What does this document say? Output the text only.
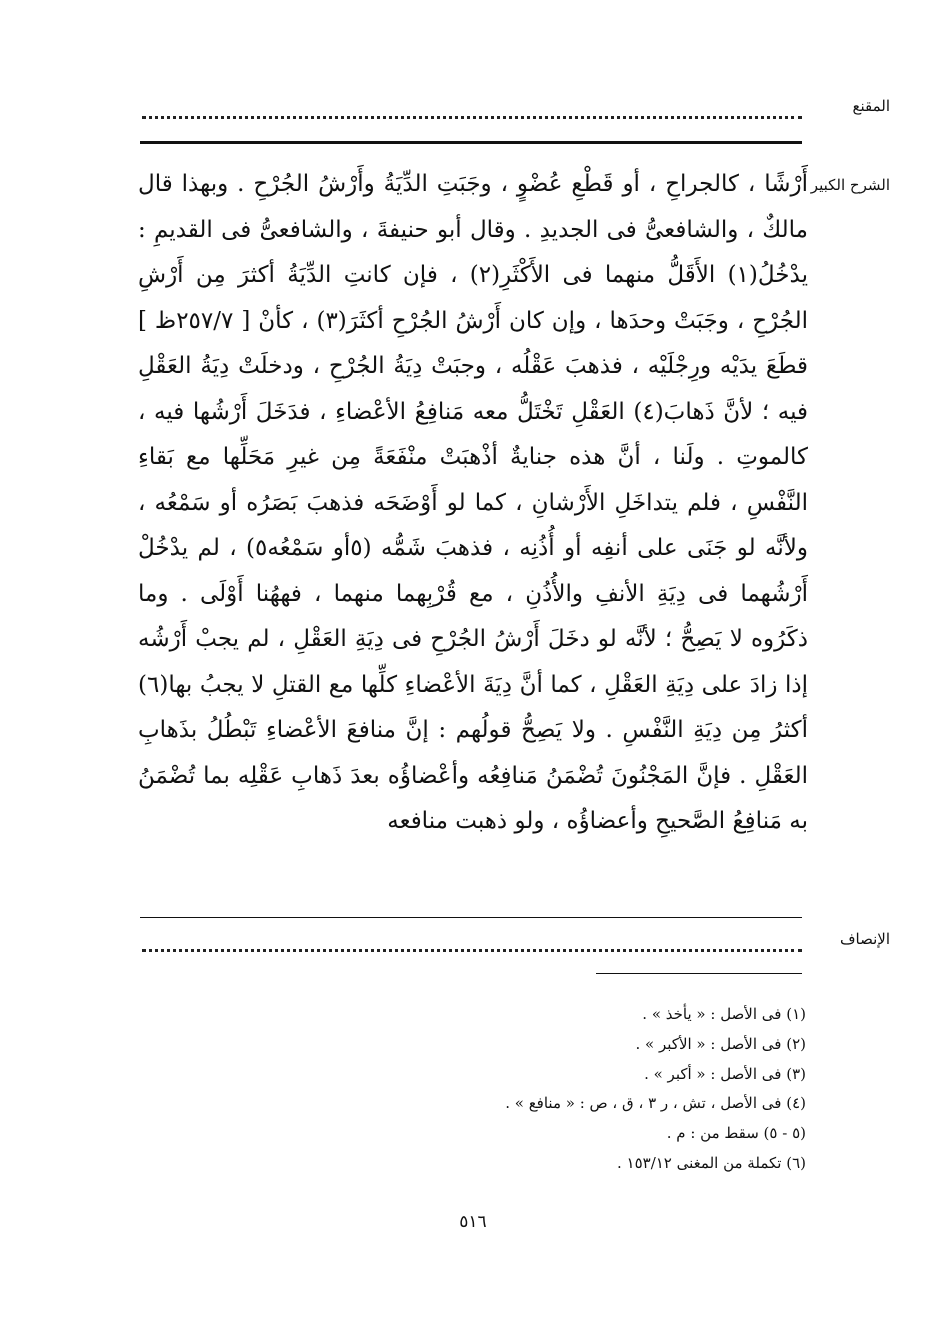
المقنع
الشرح الكبير

أَرْشًا ، كالجراحِ ، أو قَطْعِ عُضْوٍ ، وجَبَتِ الدِّيَةُ وأَرْشُ الجُرْحِ . وبهذا قال مالكٌ ، والشافعىُّ فى الجديدِ . وقال أبو حنيفةَ ، والشافعىُّ فى القديمِ : يدْخُلُ(١) الأَقَلُّ منهما فى الأَكْثَرِ(٢) ، فإن كانتِ الدِّيَةُ أكثرَ مِن أَرْشِ الجُرْحِ ، وجَبَتْ وحدَها ، وإن كان أَرْشُ الجُرْحِ أكثَرَ(٣) ، كأنْ [ ٢٥٧/٧ظ ] قطَعَ يدَيْه ورِجْلَيْه ، فذهبَ عَقْلُه ، وجبَتْ دِيَةُ الجُرْحِ ، ودخلَتْ دِيَةُ العَقْلِ فيه ؛ لأنَّ ذَهابَ(٤) العَقْلِ تَخْتَلُّ معه مَنافِعُ الأعْضاءِ ، فدَخَلَ أَرْشُها فيه ، كالموتِ . ولَنا ، أنَّ هذه جنايةٌ أذْهبَتْ منْفَعَةً مِن غيرِ مَحَلِّها مع بَقاءِ النَّفْسِ ، فلم يتداخَلِ الأَرْشانِ ، كما لو أَوْضَحَه فذهبَ بَصَرُه أو سَمْعُه ، ولأنَّه لو جَنَى على أنفِه أو أُذُنِه ، فذهبَ شَمُّه (٥أو سَمْعُه٥) ، لم يدْخُلْ أَرْشُهما فى دِيَةِ الأنفِ والأُذُنِ ، مع قُرْبِهما منهما ، فههُنا أَوْلَى . وما ذكَرُوه لا يَصِحُّ ؛ لأنَّه لو دخَلَ أَرْشُ الجُرْحِ فى دِيَةِ العَقْلِ ، لم يجبْ أَرْشُه إذا زادَ على دِيَةِ العَقْلِ ، كما أنَّ دِيَةَ الأعْضاءِ كلِّها مع القتلِ لا يجبُ بها(٦) أكثرُ مِن دِيَةِ النَّفْسِ . ولا يَصِحُّ قولُهم : إنَّ منافعَ الأعْضاءِ تَبْطُلُ بذَهابِ العَقْلِ . فإنَّ المَجْنُونَ تُضْمَنُ مَنافِعُه وأعْضاؤُه بعدَ ذَهابِ عَقْلِه بما تُضْمَنُ به مَنافِعُ الصَّحيحِ وأعضاؤُه ، ولو ذهبت منافعه

الإنصاف
(١) فى الأصل : « يأخذ » .
(٢) فى الأصل : « الأكبر » .
(٣) فى الأصل : « أكبر » .
(٤) فى الأصل ، تش ، ر ٣ ، ق ، ص : « منافع » .
(٥ - ٥) سقط من : م .
(٦) تكملة من المغنى ١٥٣/١٢ .
٥١٦
